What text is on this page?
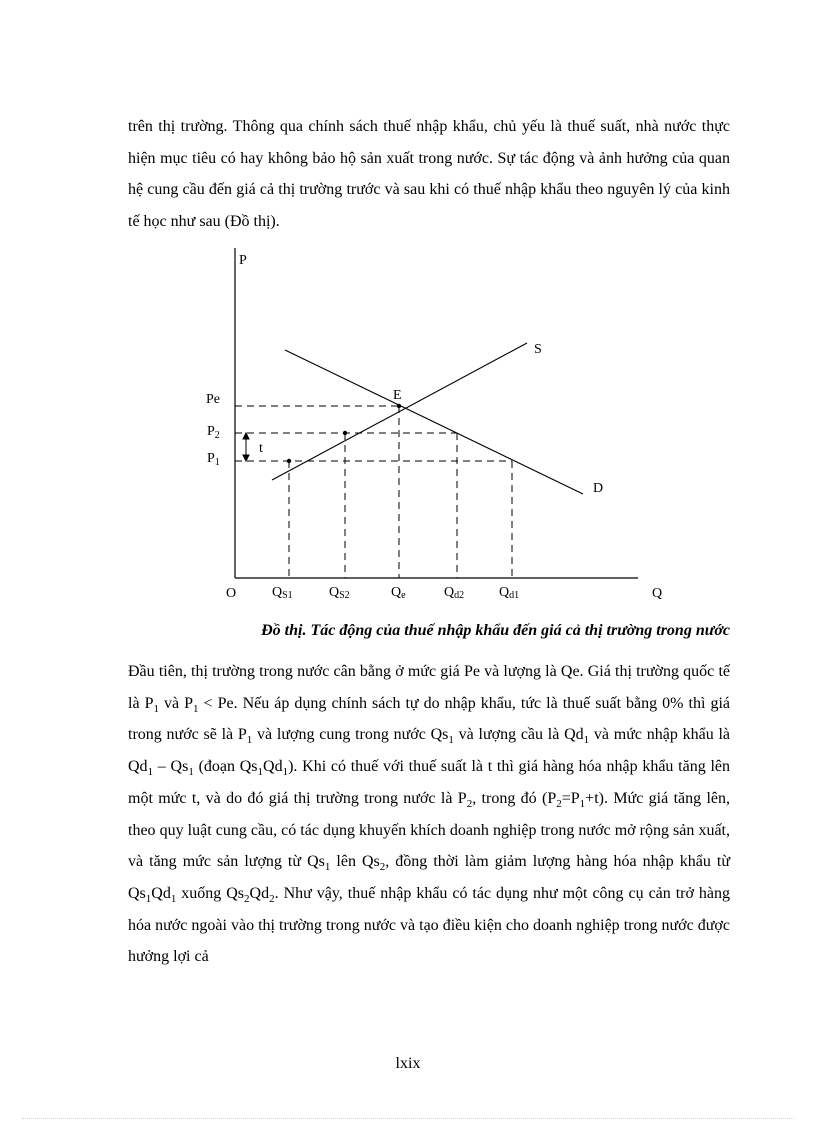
trên thị trường. Thông qua chính sách thuế nhập khẩu, chủ yếu là thuế suất, nhà nước thực hiện mục tiêu có hay không bảo hộ sản xuất trong nước. Sự tác động và ảnh hưởng của quan hệ cung cầu đến giá cả thị trường trước và sau khi có thuế nhập khẩu theo nguyên lý của kinh tế học như sau (Đồ thị).

P
Q
O
S
D
E
t
Pe
$P_2$
$P_1$
QS1	QS2	Qe	Qd2 Qd1

Đồ thị. Tác động của thuế nhập khẩu đến giá cả thị trường trong nước

Đầu tiên, thị trường trong nước cân bằng ở mức giá Pe và lượng là Qe. Giá thị trường quốc tế là $P_1$ và $P_1 < Pe$. Nếu áp dụng chính sách tự do nhập khẩu, tức là thuế suất bằng 0% thì giá trong nước sẽ là $P_1$ và lượng cung trong nước $Qs_1$ và lượng cầu là $Qd_1$ và mức nhập khẩu là $Qd_1 - Qs_1$ (đoạn $Qs_1Qd_1$). Khi có thuế với thuế suất là t thì giá hàng hóa nhập khẩu tăng lên một mức t, và do đó giá thị trường trong nước là $P_2$, trong đó $(P_2=P_1+t)$. Mức giá tăng lên, theo quy luật cung cầu, có tác dụng khuyến khích doanh nghiệp trong nước mở rộng sản xuất, và tăng mức sản lượng từ $Qs_1$ lên $Qs_2$, đồng thời làm giảm lượng hàng hóa nhập khẩu từ $Qs_1Qd_1$ xuống $Qs_2Qd_2$. Như vậy, thuế nhập khẩu có tác dụng như một công cụ cản trở hàng hóa nước ngoài vào thị trường trong nước và tạo điều kiện cho doanh nghiệp trong nước được hưởng lợi cả

lxix
